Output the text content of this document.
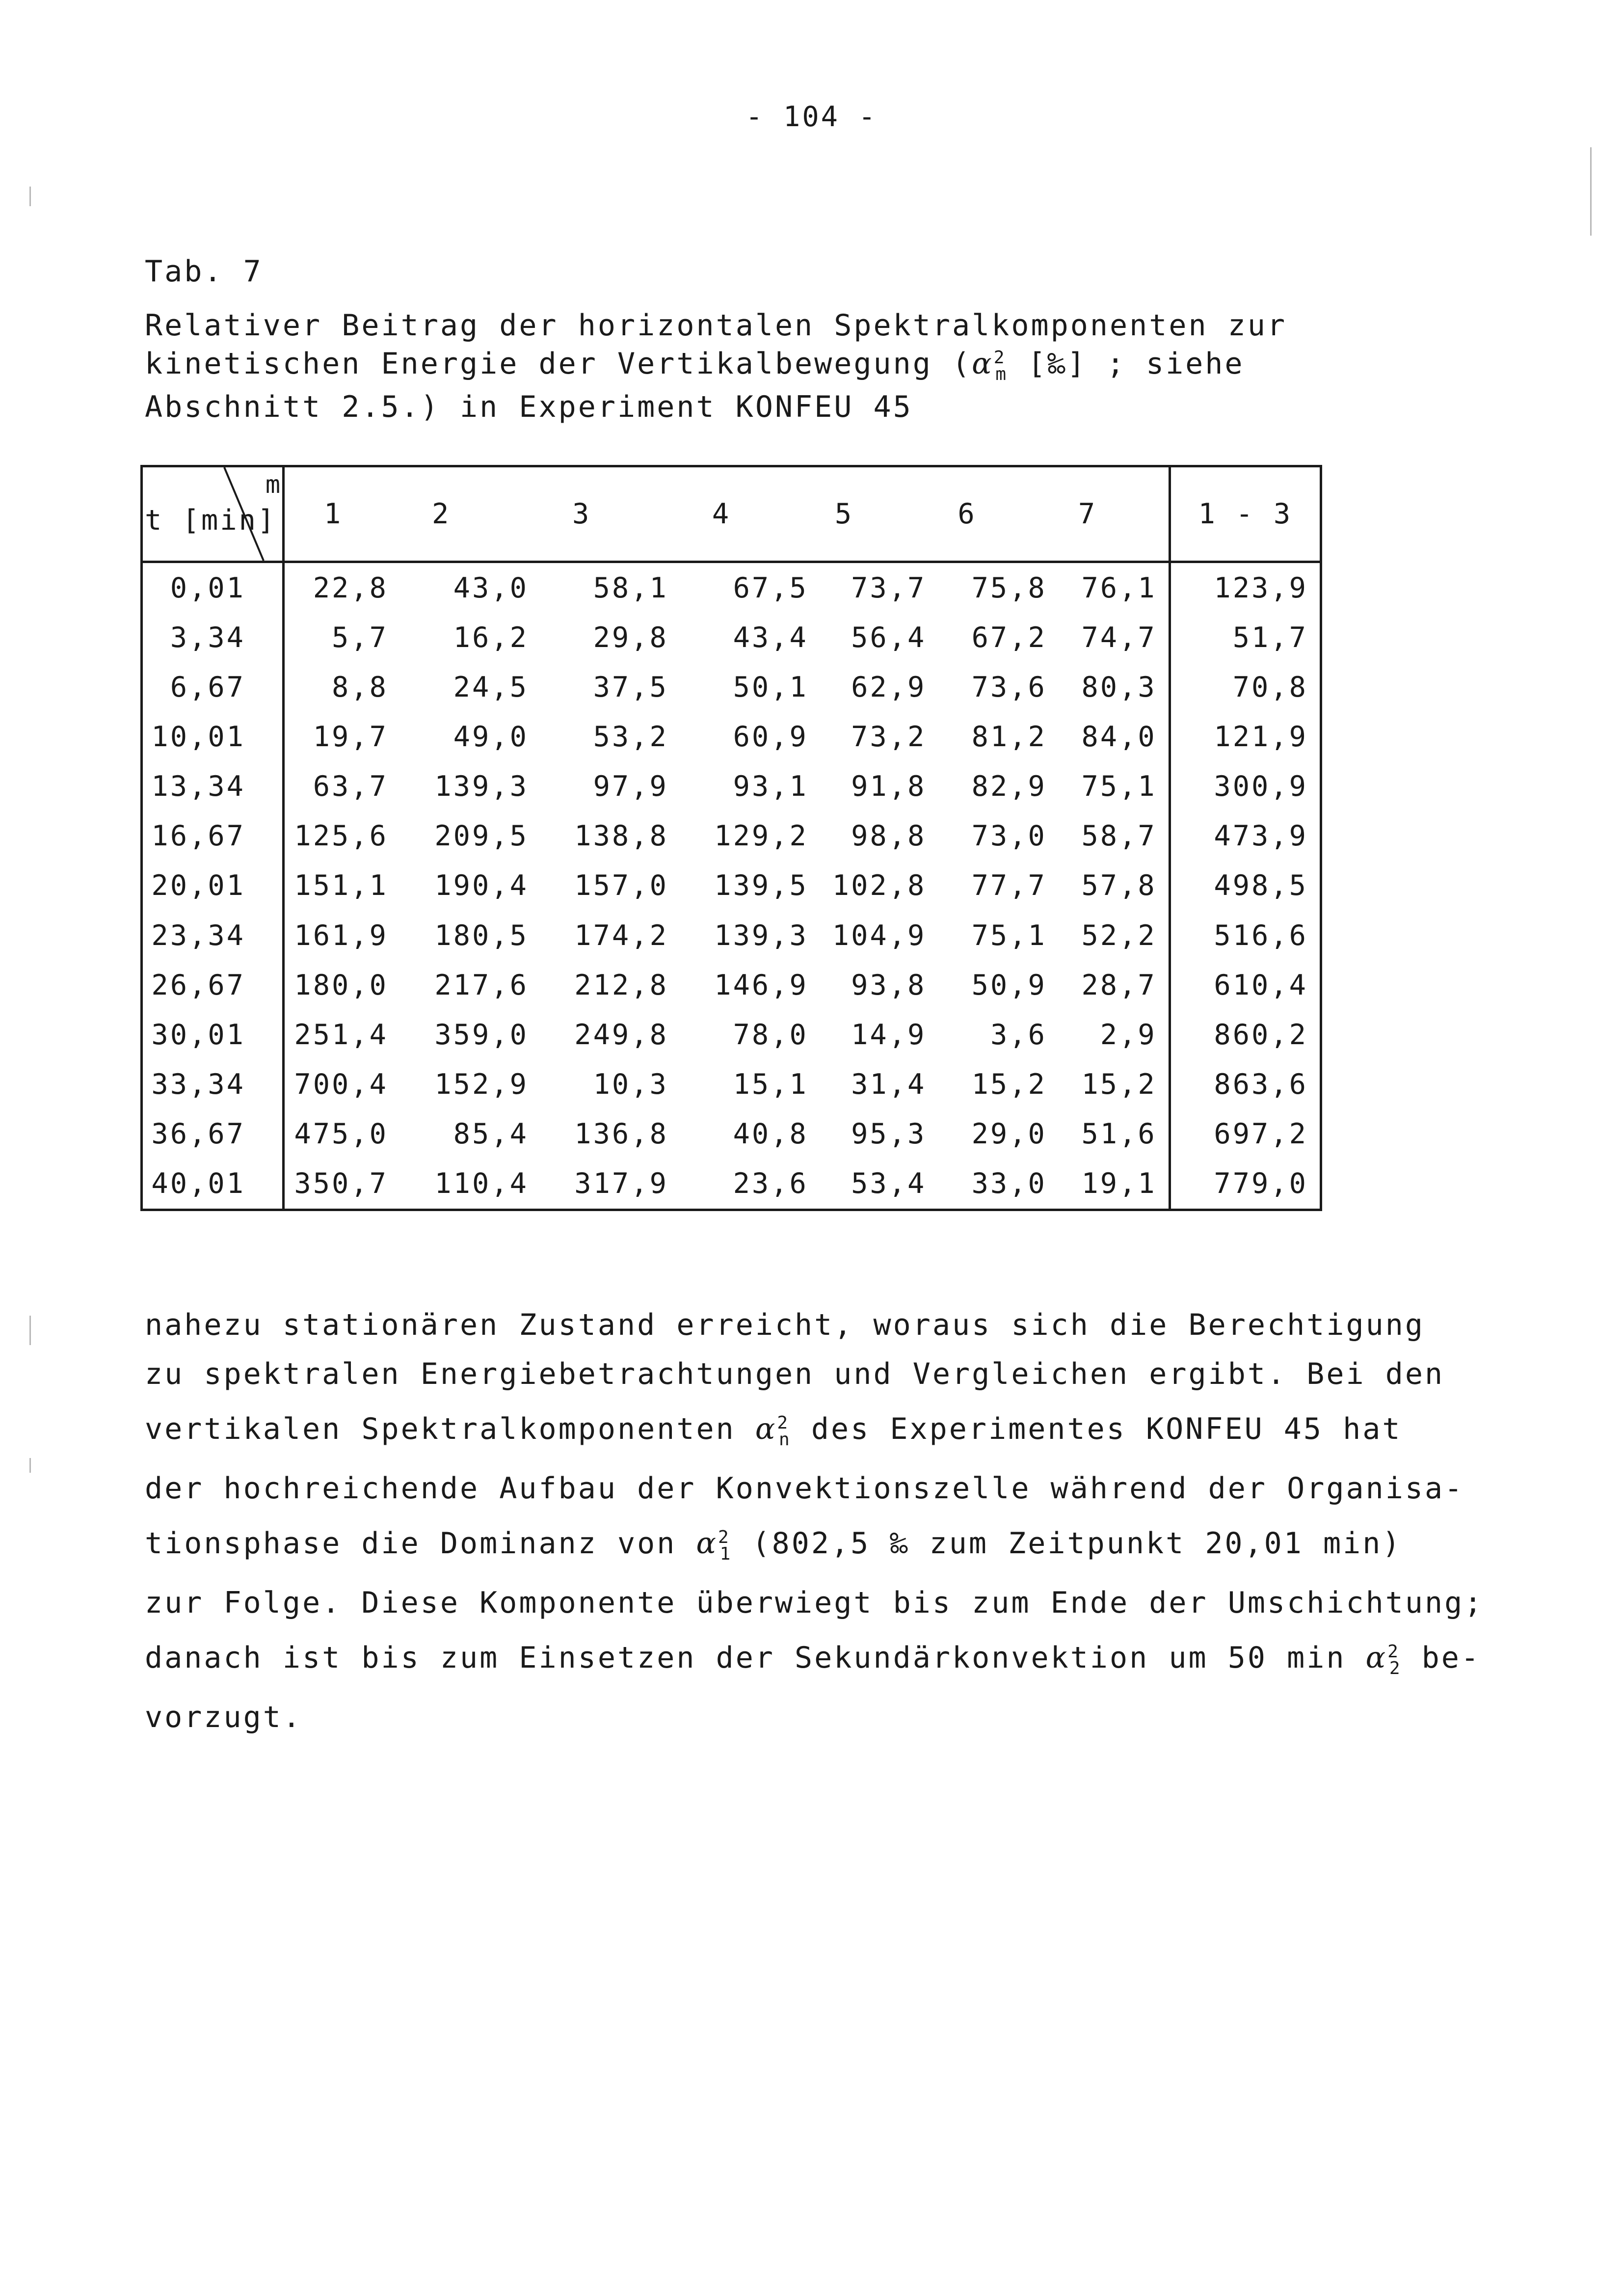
- 104 -
Tab. 7
Relativer Beitrag der horizontalen Spektralkomponenten zur
kinetischen Energie der Vertikalbewegung ($\alpha^2_m$ [‰] ; siehe
Abschnitt 2.5.) in Experiment KONFEU 45
t [min]
m	1	2	3	4	5	6	7	1 - 3
0,01	22,8	43,0	58,1	67,5	73,7	75,8	76,1	123,9
3,34	5,7	16,2	29,8	43,4	56,4	67,2	74,7	51,7
6,67	8,8	24,5	37,5	50,1	62,9	73,6	80,3	70,8
10,01	19,7	49,0	53,2	60,9	73,2	81,2	84,0	121,9
13,34	63,7	139,3	97,9	93,1	91,8	82,9	75,1	300,9
16,67	125,6	209,5	138,8	129,2	98,8	73,0	58,7	473,9
20,01	151,1	190,4	157,0	139,5	102,8	77,7	57,8	498,5
23,34	161,9	180,5	174,2	139,3	104,9	75,1	52,2	516,6
26,67	180,0	217,6	212,8	146,9	93,8	50,9	28,7	610,4
30,01	251,4	359,0	249,8	78,0	14,9	3,6	2,9	860,2
33,34	700,4	152,9	10,3	15,1	31,4	15,2	15,2	863,6
36,67	475,0	85,4	136,8	40,8	95,3	29,0	51,6	697,2
40,01	350,7	110,4	317,9	23,6	53,4	33,0	19,1	779,0
nahezu stationären Zustand erreicht, woraus sich die Berechtigung
zu spektralen Energiebetrachtungen und Vergleichen ergibt. Bei den
vertikalen Spektralkomponenten $\alpha^2_n$ des Experimentes KONFEU 45 hat
der hochreichende Aufbau der Konvektionszelle während der Organisa-
tionsphase die Dominanz von $\alpha^2_1$ (802,5 ‰ zum Zeitpunkt 20,01 min)
zur Folge. Diese Komponente überwiegt bis zum Ende der Umschichtung;
danach ist bis zum Einsetzen der Sekundärkonvektion um 50 $\min \alpha^2_2$ be-
vorzugt.
